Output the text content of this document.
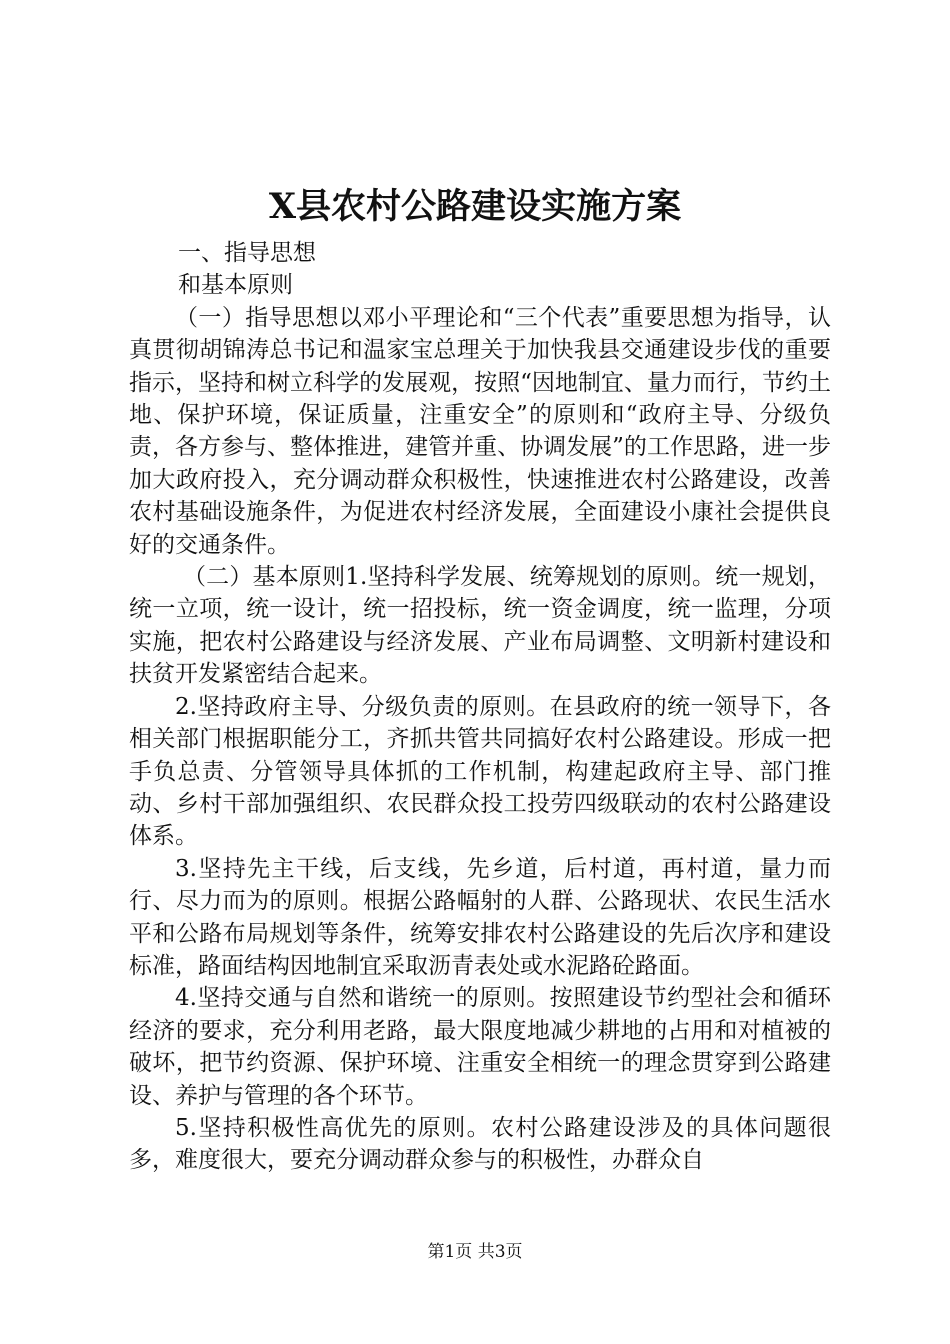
X县农村公路建设实施方案

一、指导思想

和基本原则

（一）指导思想以邓小平理论和“三个代表”重要思想为指导，认真贯彻胡锦涛总书记和温家宝总理关于加快我县交通建设步伐的重要指示，坚持和树立科学的发展观，按照“因地制宜、量力而行，节约土地、保护环境，保证质量，注重安全”的原则和“政府主导、分级负责，各方参与、整体推进，建管并重、协调发展”的工作思路，进一步加大政府投入，充分调动群众积极性，快速推进农村公路建设，改善农村基础设施条件，为促进农村经济发展，全面建设小康社会提供良好的交通条件。

（二）基本原则1.坚持科学发展、统筹规划的原则。统一规划，统一立项，统一设计，统一招投标，统一资金调度，统一监理，分项实施，把农村公路建设与经济发展、产业布局调整、文明新村建设和扶贫开发紧密结合起来。

2.坚持政府主导、分级负责的原则。在县政府的统一领导下，各相关部门根据职能分工，齐抓共管共同搞好农村公路建设。形成一把手负总责、分管领导具体抓的工作机制，构建起政府主导、部门推动、乡村干部加强组织、农民群众投工投劳四级联动的农村公路建设体系。

3.坚持先主干线，后支线，先乡道，后村道，再村道，量力而行、尽力而为的原则。根据公路幅射的人群、公路现状、农民生活水平和公路布局规划等条件，统筹安排农村公路建设的先后次序和建设标准，路面结构因地制宜采取沥青表处或水泥路砼路面。

4.坚持交通与自然和谐统一的原则。按照建设节约型社会和循环经济的要求，充分利用老路，最大限度地减少耕地的占用和对植被的破坏，把节约资源、保护环境、注重安全相统一的理念贯穿到公路建设、养护与管理的各个环节。

5.坚持积极性高优先的原则。农村公路建设涉及的具体问题很多，难度很大，要充分调动群众参与的积极性，办群众自

第1页 共3页
